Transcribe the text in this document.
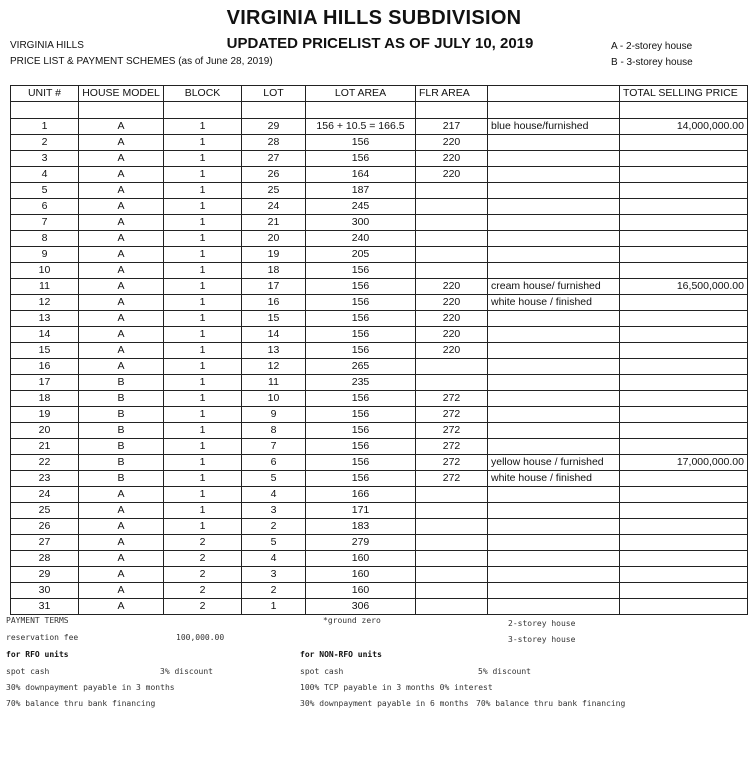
VIRGINIA HILLS SUBDIVISION
UPDATED PRICELIST AS OF JULY 10, 2019
VIRGINIA HILLS
PRICE LIST & PAYMENT SCHEMES (as of June 28, 2019)
A - 2-storey house
B - 3-storey house
UNIT #	HOUSE MODEL	BLOCK	LOT	LOT AREA	FLR AREA		TOTAL SELLING PRICE

1	A	1	29	156 + 10.5 = 166.5	217	blue house/furnished	14,000,000.00
2	A	1	28	156	220		
3	A	1	27	156	220		
4	A	1	26	164	220		
5	A	1	25	187			
6	A	1	24	245			
7	A	1	21	300			
8	A	1	20	240			
9	A	1	19	205			
10	A	1	18	156			
11	A	1	17	156	220	cream house/ furnished	16,500,000.00
12	A	1	16	156	220	white house / finished	
13	A	1	15	156	220		
14	A	1	14	156	220		
15	A	1	13	156	220		
16	A	1	12	265			
17	B	1	11	235			
18	B	1	10	156	272		
19	B	1	9	156	272		
20	B	1	8	156	272		
21	B	1	7	156	272		
22	B	1	6	156	272	yellow house / furnished	17,000,000.00
23	B	1	5	156	272	white house / finished	
24	A	1	4	166			
25	A	1	3	171			
26	A	1	2	183			
27	A	2	5	279			
28	A	2	4	160			
29	A	2	3	160			
30	A	2	2	160			
31	A	2	1	306			
PAYMENT TERMS	*ground zero	2-storey house
reservation fee	100,000.00	3-storey house
for RFO units	for NON-RFO units
spot cash	3% discount	spot cash	5% discount
30% downpayment payable in 3 months	100% TCP payable in 3 months 0% interest
70% balance thru bank financing	30% downpayment payable in 6 months 70% balance thru bank financing
